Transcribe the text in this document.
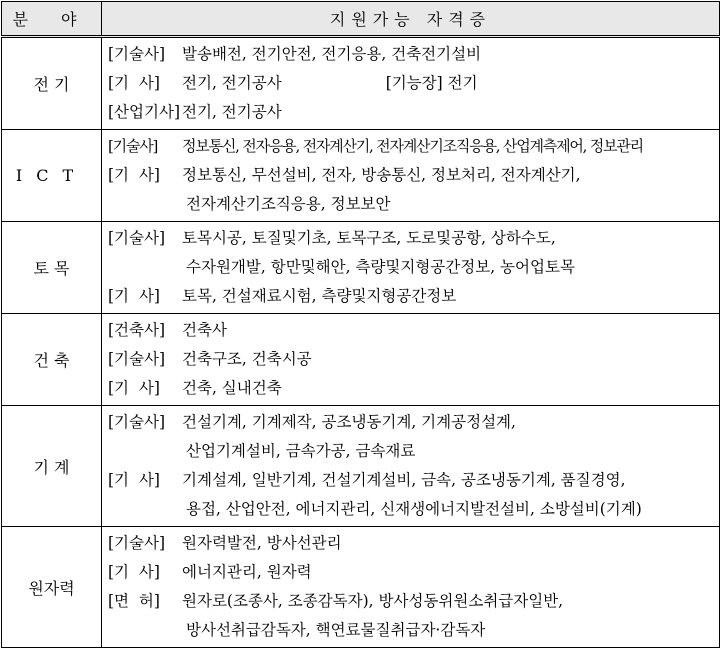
분 야	지원가능 자격증
전 기	[기술사] 발송배전, 전기안전, 전기응용, 건축전기설비
[기  사] 전기, 전기공사 [기능장] 전기
[산업기사] 전기, 전기공사

ICT	[기술사] 정보통신, 전자응용, 전자계산기, 전자계산기조직응용, 산업계측제어, 정보관리
[기  사] 정보통신, 무선설비, 전자, 방송통신, 정보처리, 전자계산기,
전자계산기조직응용, 정보보안

토 목	[기술사] 토목시공, 토질및기초, 토목구조, 도로및공항, 상하수도,
수자원개발, 항만및해안, 측량및지형공간정보, 농어업토목
[기  사] 토목, 건설재료시험, 측량및지형공간정보

건 축	[건축사] 건축사
[기술사] 건축구조, 건축시공
[기  사] 건축, 실내건축

기 계	[기술사] 건설기계, 기계제작, 공조냉동기계, 기계공정설계,
산업기계설비, 금속가공, 금속재료
[기  사] 기계설계, 일반기계, 건설기계설비, 금속, 공조냉동기계, 품질경영,
용접, 산업안전, 에너지관리, 신재생에너지발전설비, 소방설비(기계)

원자력	[기술사] 원자력발전, 방사선관리
[기  사] 에너지관리, 원자력
[면  허] 원자로(조종사, 조종감독자), 방사성동위원소취급자일반,
방사선취급감독자, 핵연료물질취급자·감독자
